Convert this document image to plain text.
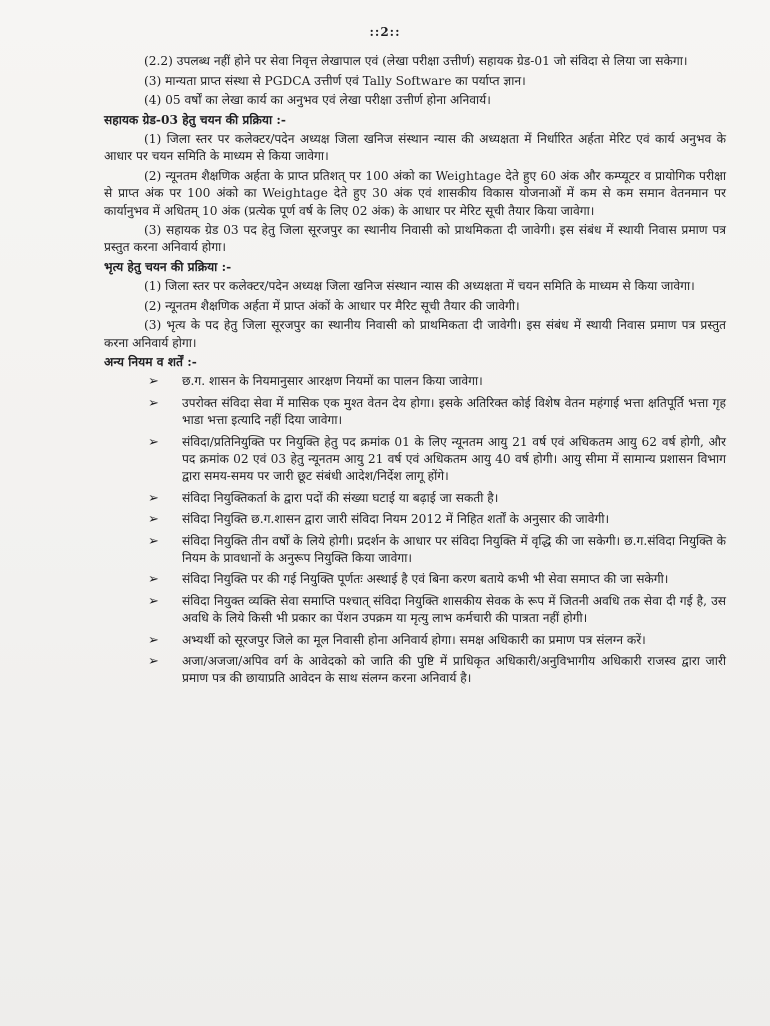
::2::

(2.2) उपलब्ध नहीं होने पर सेवा निवृत्त लेखापाल एवं (लेखा परीक्षा उत्तीर्ण) सहायक ग्रेड-01 जो संविदा से लिया जा सकेगा।

(3) मान्यता प्राप्त संस्था से PGDCA उत्तीर्ण एवं Tally Software का पर्याप्त ज्ञान।

(4) 05 वर्षों का लेखा कार्य का अनुभव एवं लेखा परीक्षा उत्तीर्ण होना अनिवार्य।

सहायक ग्रेड-03 हेतु चयन की प्रक्रिया :-

(1) जिला स्तर पर कलेक्टर/पदेन अध्यक्ष जिला खनिज संस्थान न्यास की अध्यक्षता में निर्धारित अर्हता मेरिट एवं कार्य अनुभव के आधार पर चयन समिति के माध्यम से किया जावेगा।

(2) न्यूनतम शैक्षणिक अर्हता के प्राप्त प्रतिशत् पर 100 अंको का Weightage देते हुए 60 अंक और कम्प्यूटर व प्रायोगिक परीक्षा से प्राप्त अंक पर 100 अंको का Weightage देते हुए 30 अंक एवं शासकीय विकास योजनाओं में कम से कम समान वेतनमान पर कार्यानुभव में अधितम् 10 अंक (प्रत्येक पूर्ण वर्ष के लिए 02 अंक) के आधार पर मेरिट सूची तैयार किया जावेगा।

(3) सहायक ग्रेड 03 पद हेतु जिला सूरजपुर का स्थानीय निवासी को प्राथमिकता दी जावेगी। इस संबंध में स्थायी निवास प्रमाण पत्र प्रस्तुत करना अनिवार्य होगा।

भृत्य हेतु चयन की प्रक्रिया :-

(1) जिला स्तर पर कलेक्टर/पदेन अध्यक्ष जिला खनिज संस्थान न्यास की अध्यक्षता में चयन समिति के माध्यम से किया जावेगा।

(2) न्यूनतम शैक्षणिक अर्हता में प्राप्त अंकों के आधार पर मैरिट सूची तैयार की जावेगी।

(3) भृत्य के पद हेतु जिला सूरजपुर का स्थानीय निवासी को प्राथमिकता दी जावेगी। इस संबंध में स्थायी निवास प्रमाण पत्र प्रस्तुत करना अनिवार्य होगा।

अन्य नियम व शर्तें :-

➢ छ.ग. शासन के नियमानुसार आरक्षण नियमों का पालन किया जावेगा।
➢ उपरोक्त संविदा सेवा में मासिक एक मुश्त वेतन देय होगा। इसके अतिरिक्त कोई विशेष वेतन महंगाई भत्ता क्षतिपूर्ति भत्ता गृह भाडा भत्ता इत्यादि नहीं दिया जावेगा।
➢ संविदा/प्रतिनियुक्ति पर नियुक्ति हेतु पद क्रमांक 01 के लिए न्यूनतम आयु 21 वर्ष एवं अधिकतम आयु 62 वर्ष होगी, और पद क्रमांक 02 एवं 03 हेतु न्यूनतम आयु 21 वर्ष एवं अधिकतम आयु 40 वर्ष होगी। आयु सीमा में सामान्य प्रशासन विभाग द्वारा समय-समय पर जारी छूट संबंधी आदेश/निर्देश लागू होंगे।
➢ संविदा नियुक्तिकर्ता के द्वारा पदों की संख्या घटाई या बढ़ाई जा सकती है।
➢ संविदा नियुक्ति छ.ग.शासन द्वारा जारी संविदा नियम 2012 में निहित शर्तों के अनुसार की जावेगी।
➢ संविदा नियुक्ति तीन वर्षों के लिये होगी। प्रदर्शन के आधार पर संविदा नियुक्ति में वृद्धि की जा सकेगी। छ.ग.संविदा नियुक्ति के नियम के प्रावधानों के अनुरूप नियुक्ति किया जावेगा।
➢ संविदा नियुक्ति पर की गई नियुक्ति पूर्णतः अस्थाई है एवं बिना करण बताये कभी भी सेवा समाप्त की जा सकेगी।
➢ संविदा नियुक्त व्यक्ति सेवा समाप्ति पश्चात् संविदा नियुक्ति शासकीय सेवक के रूप में जितनी अवधि तक सेवा दी गई है, उस अवधि के लिये किसी भी प्रकार का पेंशन उपक्रम या मृत्यु लाभ कर्मचारी की पात्रता नहीं होगी।
➢ अभ्यर्थी को सूरजपुर जिले का मूल निवासी होना अनिवार्य होगा। समक्ष अधिकारी का प्रमाण पत्र संलग्न करें।
➢ अजा/अजजा/अपिव वर्ग के आवेदको को जाति की पुष्टि में प्राधिकृत अधिकारी/अनुविभागीय अधिकारी राजस्व द्वारा जारी प्रमाण पत्र की छायाप्रति आवेदन के साथ संलग्न करना अनिवार्य है।
